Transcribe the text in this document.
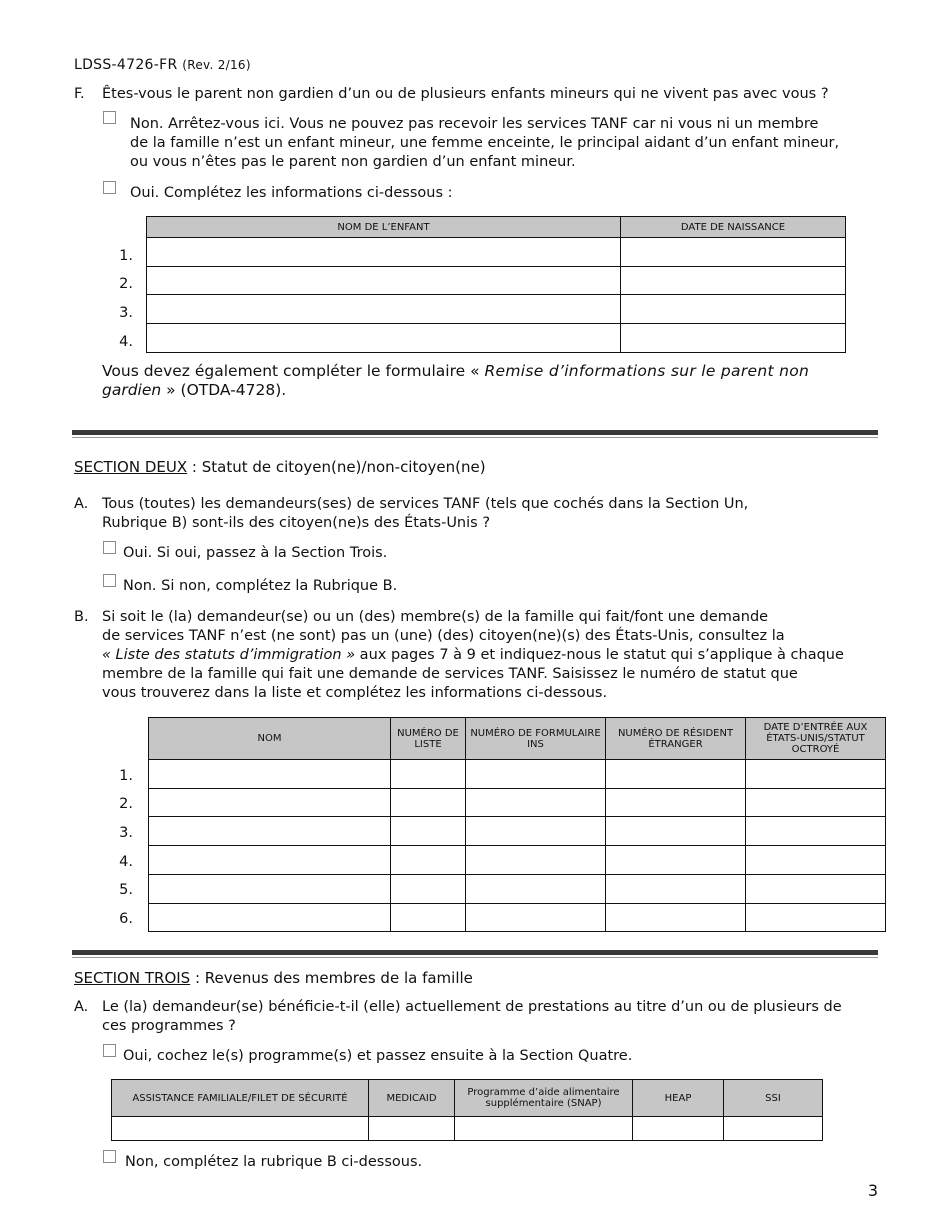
LDSS-4726-FR (Rev. 2/16)
F. Êtes-vous le parent non gardien d’un ou de plusieurs enfants mineurs qui ne vivent pas avec vous ?
Non. Arrêtez-vous ici. Vous ne pouvez pas recevoir les services TANF car ni vous ni un membre
de la famille n’est un enfant mineur, une femme enceinte, le principal aidant d’un enfant mineur,
ou vous n’êtes pas le parent non gardien d’un enfant mineur.
Oui. Complétez les informations ci-dessous :
NOM DE L’ENFANT	DATE DE NAISSANCE

1.
2.
3.
4.
Vous devez également compléter le formulaire « Remise d’informations sur le parent non
gardien » (OTDA-4728).
SECTION DEUX : Statut de citoyen(ne)/non-citoyen(ne)
A. Tous (toutes) les demandeurs(ses) de services TANF (tels que cochés dans la Section Un,
Rubrique B) sont-ils des citoyen(ne)s des États-Unis ?
Oui. Si oui, passez à la Section Trois.
Non. Si non, complétez la Rubrique B.
B. Si soit le (la) demandeur(se) ou un (des) membre(s) de la famille qui fait/font une demande
de services TANF n’est (ne sont) pas un (une) (des) citoyen(ne)(s) des États-Unis, consultez la
« Liste des statuts d’immigration » aux pages 7 à 9 et indiquez-nous le statut qui s’applique à chaque
membre de la famille qui fait une demande de services TANF. Saisissez le numéro de statut que
vous trouverez dans la liste et complétez les informations ci-dessous.
NOM	NUMÉRO DE LISTE	NUMÉRO DE FORMULAIRE INS	NUMÉRO DE RÉSIDENT ÉTRANGER	DATE D’ENTRÉE AUX ÉTATS-UNIS/STATUT OCTROYÉ

1.
2.
3.
4.
5.
6.
SECTION TROIS : Revenus des membres de la famille
A. Le (la) demandeur(se) bénéficie-t-il (elle) actuellement de prestations au titre d’un ou de plusieurs de
ces programmes ?
Oui, cochez le(s) programme(s) et passez ensuite à la Section Quatre.
ASSISTANCE FAMILIALE/FILET DE SÉCURITÉ	MEDICAID	Programme d’aide alimentaire supplémentaire (SNAP)	HEAP	SSI

Non, complétez la rubrique B ci-dessous.
3
